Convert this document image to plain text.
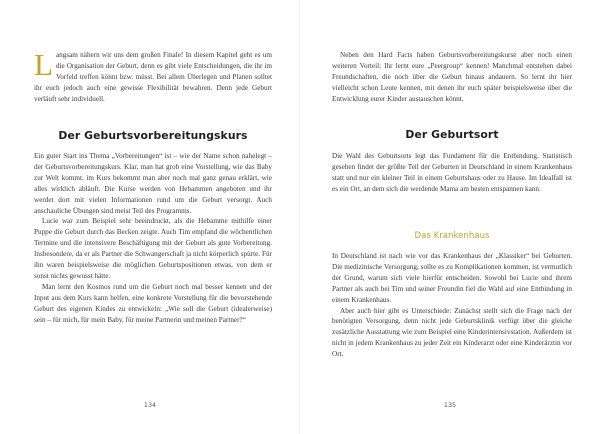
Langsam nähern wir uns dem großen Finale! In diesem Kapitel geht es um die Organisation der Geburt, denn es gibt viele Entscheidungen, die ihr im Vorfeld treffen könnt bzw. müsst. Bei allem Überlegen und Planen solltet ihr euch jedoch auch eine gewisse Flexibilität bewahren. Denn jede Geburt verläuft sehr individuell.

Der Geburtsvorbereitungskurs

Ein guter Start ins Thema „Vorbereitungen“ ist – wie der Name schon nahelegt – der Geburtsvorbereitungskurs. Klar, man hat grob eine Vorstellung, wie das Baby zur Welt kommt, im Kurs bekommt man aber noch mal ganz genau erklärt, wie alles wirklich abläuft. Die Kurse werden von Hebammen angeboten und ihr werdet dort mit vielen Informationen rund um die Geburt versorgt. Auch anschauliche Übungen sind meist Teil des Programms.

Lucie war zum Beispiel sehr beeindruckt, als die Hebamme mithilfe einer Puppe die Geburt durch das Becken zeigte. Auch Tim empfand die wöchentlichen Termine und die intensivere Beschäftigung mit der Geburt als gute Vorbereitung. Insbesondere, da er als Partner die Schwangerschaft ja nicht körperlich spürte. Für ihn waren beispielsweise die möglichen Geburtspositionen etwas, von dem er sonst nichts gewusst hätte.

Man lernt den Kosmos rund um die Geburt noch mal besser kennen und der Input aus dem Kurs kann helfen, eine konkrete Vorstellung für die bevorstehende Geburt des eigenen Kindes zu entwickeln: „Wie soll die Geburt (idealerweise) sein – für mich, für mein Baby, für meine Partnerin und meinen Partner?“

134

Neben den Hard Facts haben Geburtsvorbereitungskurse aber noch einen weiteren Vorteil: Ihr lernt eure „Peergroup“ kennen! Manchmal entstehen dabei Freundschaften, die noch über die Geburt hinaus andauern. So lernt ihr hier vielleicht schon Leute kennen, mit denen ihr euch später beispielsweise über die Entwicklung eurer Kinder austauschen könnt.

Der Geburtsort

Die Wahl des Geburtsorts legt das Fundament für die Entbindung. Statistisch gesehen findet der größte Teil der Geburten in Deutschland in einem Krankenhaus statt und nur ein kleiner Teil in einem Geburtshaus oder zu Hause. Im Idealfall ist es ein Ort, an dem sich die werdende Mama am besten entspannen kann.

Das Krankenhaus

In Deutschland ist nach wie vor das Krankenhaus der „Klassiker“ bei Geburten. Die medizinische Versorgung, sollte es zu Komplikationen kommen, ist vermutlich der Grund, warum sich viele hierfür entscheiden. Sowohl bei Lucie und ihrem Partner als auch bei Tim und seiner Freundin fiel die Wahl auf eine Entbindung in einem Krankenhaus.

Aber auch hier gibt es Unterschiede: Zunächst stellt sich die Frage nach der benötigten Versorgung, denn nicht jede Geburtsklinik verfügt über die gleiche zusätzliche Ausstattung wie zum Beispiel eine Kinderintensivstation. Außerdem ist nicht in jedem Krankenhaus zu jeder Zeit ein Kinderarzt oder eine Kinderärztin vor Ort.

135
